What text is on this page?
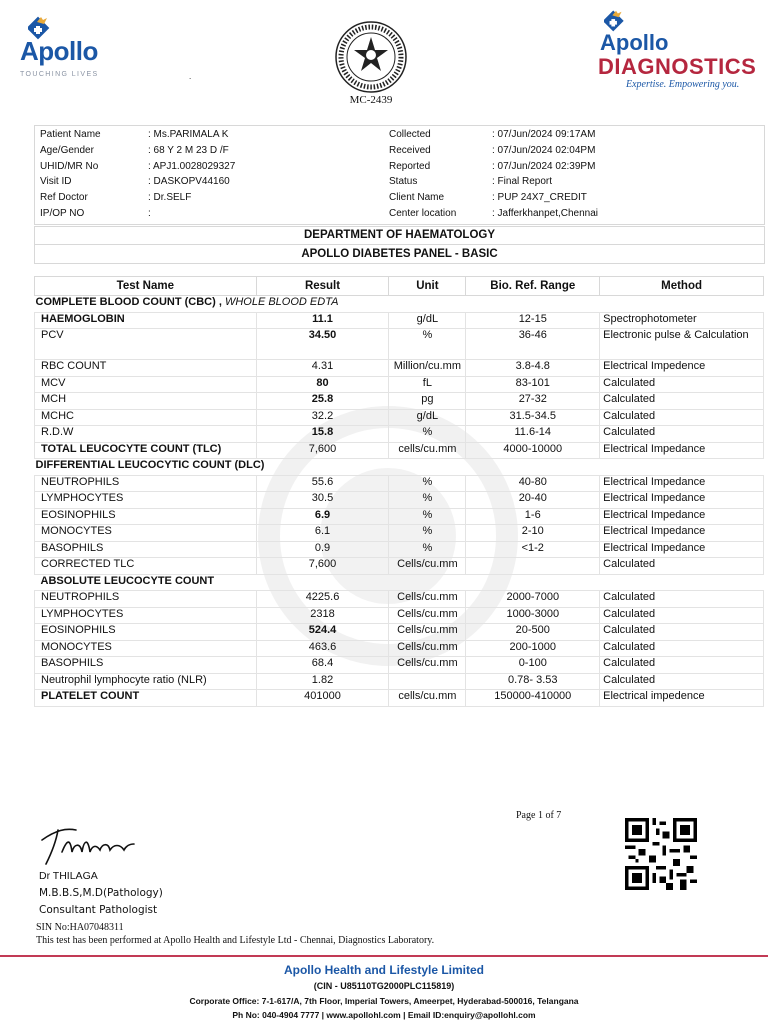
Apollo
TOUCHING LIVES	.
MC-2439
Apollo
DIAGNOSTICS
Expertise. Empowering you.
Patient Name	: Ms.PARIMALA K
Age/Gender	: 68 Y 2 M 23 D /F
UHID/MR No	: APJ1.0028029327
Visit ID	: DASKOPV44160
Ref Doctor	: Dr.SELF
IP/OP NO	:
Collected	: 07/Jun/2024 09:17AM
Received	: 07/Jun/2024 02:04PM
Reported	: 07/Jun/2024 02:39PM
Status	: Final Report
Client Name	: PUP 24X7_CREDIT
Center location	: Jafferkhanpet,Chennai
DEPARTMENT OF HAEMATOLOGY
APOLLO DIABETES PANEL - BASIC
Test Name	Result	Unit	Bio. Ref. Range	Method
COMPLETE BLOOD COUNT (CBC) , WHOLE BLOOD EDTA				
HAEMOGLOBIN	11.1	g/dL	12-15	Spectrophotometer
PCV	34.50	%	36-46	Electronic pulse & Calculation
RBC COUNT	4.31	Million/cu.mm	3.8-4.8	Electrical Impedence
MCV	80	fL	83-101	Calculated
MCH	25.8	pg	27-32	Calculated
MCHC	32.2	g/dL	31.5-34.5	Calculated
R.D.W	15.8	%	11.6-14	Calculated
TOTAL LEUCOCYTE COUNT (TLC)	7,600	cells/cu.mm	4000-10000	Electrical Impedance
DIFFERENTIAL LEUCOCYTIC COUNT (DLC)				
NEUTROPHILS	55.6	%	40-80	Electrical Impedance
LYMPHOCYTES	30.5	%	20-40	Electrical Impedance
EOSINOPHILS	6.9	%	1-6	Electrical Impedance
MONOCYTES	6.1	%	2-10	Electrical Impedance
BASOPHILS	0.9	%	<1-2	Electrical Impedance
CORRECTED TLC	7,600	Cells/cu.mm		Calculated
ABSOLUTE LEUCOCYTE COUNT				
NEUTROPHILS	4225.6	Cells/cu.mm	2000-7000	Calculated
LYMPHOCYTES	2318	Cells/cu.mm	1000-3000	Calculated
EOSINOPHILS	524.4	Cells/cu.mm	20-500	Calculated
MONOCYTES	463.6	Cells/cu.mm	200-1000	Calculated
BASOPHILS	68.4	Cells/cu.mm	0-100	Calculated
Neutrophil lymphocyte ratio (NLR)	1.82		0.78- 3.53	Calculated
PLATELET COUNT	401000	cells/cu.mm	150000-410000	Electrical impedence
Page 1 of 7
Dr THILAGA
M.B.B.S,M.D(Pathology)
Consultant Pathologist
SIN No:HA07048311
This test has been performed at Apollo Health and Lifestyle Ltd - Chennai, Diagnostics Laboratory.
Apollo Health and Lifestyle Limited
(CIN - U85110TG2000PLC115819)
Corporate Office: 7-1-617/A, 7th Floor, Imperial Towers, Ameerpet, Hyderabad-500016, Telangana
Ph No: 040-4904 7777 | www.apollohl.com | Email ID:enquiry@apollohl.com
